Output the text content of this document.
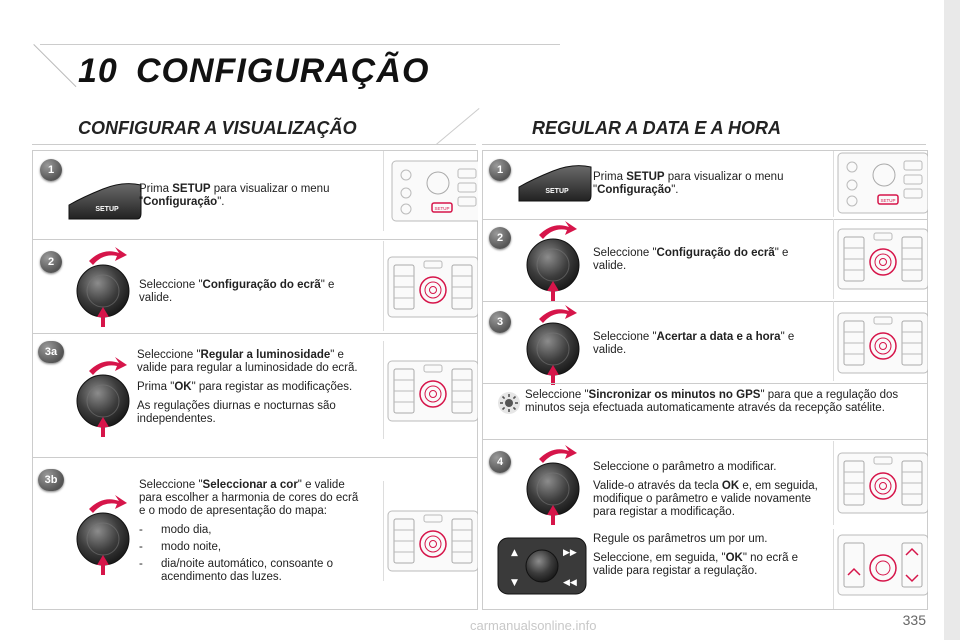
10 CONFIGURAÇÃO
CONFIGURAR A VISUALIZAÇÃO
1
SETUP
Prima SETUP para visualizar o menu "Configuração".
2
Seleccione "Configuração do ecrã" e valide.
3a	Seleccione "Regular a luminosidade" e valide para regular a luminosidade do ecrã.

Prima "OK" para registar as modificações.

As regulações diurnas e nocturnas são independentes.

3b	Seleccione "Seleccionar a cor" e valide para escolher a harmonia de cores do ecrã e o modo de apresentação do mapa:

-	modo dia,
-	modo noite,
-	dia/noite automático, consoante o acendimento das luzes.
REGULAR A DATA E A HORA
1
SETUP
Prima SETUP para visualizar o menu "Configuração".
2
Seleccione "Configuração do ecrã" e valide.
3
Seleccione "Acertar a data e a hora" e valide.
Seleccione "Sincronizar os minutos no GPS" para que a regulação dos minutos seja efectuada automaticamente através da recepção satélite.
4	Seleccione o parâmetro a modificar.

Valide-o através da tecla OK e, em seguida, modifique o parâmetro e valide novamente para registar a modificação.

Regule os parâmetros um por um.

Seleccione, em seguida, "OK" no ecrã e valide para registar a regulação.

▲
▼
▶▶
◀◀
carmanualsonline.info	335
